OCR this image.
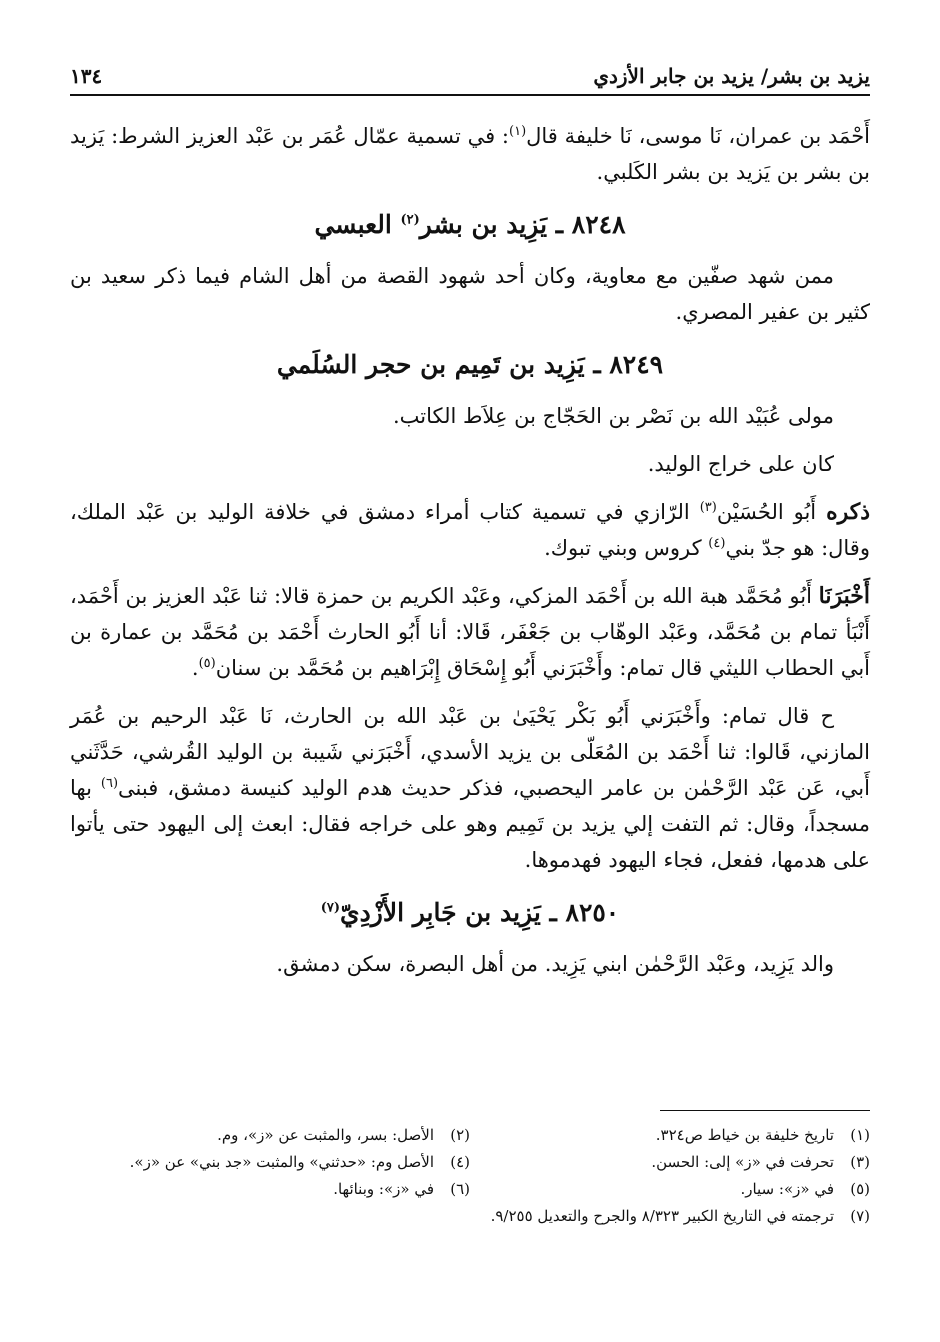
يزيد بن بشر/ يزيد بن جابر الأزدي
١٣٤

أَحْمَد بن عمران، نَا موسى، نَا خليفة قال$^{(١)}$: في تسمية عمّال عُمَر بن عَبْد العزيز الشرط: يَزيد بن بشر بن يَزيد بن بشر الكَلبي.

٨٢٤٨ ـ يَزِيد بن بشر$^{(٢)}$ العبسي

ممن شهد صفّين مع معاوية، وكان أحد شهود القصة من أهل الشام فيما ذكر سعيد بن كثير بن عفير المصري.

٨٢٤٩ ـ يَزِيد بن تَمِيم بن حجر السُلَمي

مولى عُبَيْد الله بن نَصْر بن الحَجّاج بن عِلاَط الكاتب.

كان على خراج الوليد.

ذكره أَبُو الحُسَيْن$^{(٣)}$ الرّازي في تسمية كتاب أمراء دمشق في خلافة الوليد بن عَبْد الملك، وقال: هو جدّ بني$^{(٤)}$ كروس وبني تبوك.

أَخْبَرَنَا أَبُو مُحَمَّد هبة الله بن أَحْمَد المزكي، وعَبْد الكريم بن حمزة قالا: ثنا عَبْد العزيز بن أَحْمَد، أَنْبَأ تمام بن مُحَمَّد، وعَبْد الوهّاب بن جَعْفَر، قَالا: أنا أَبُو الحارث أَحْمَد بن مُحَمَّد بن عمارة بن أَبي الحطاب الليثي قال تمام: وأَخْبَرَني أَبُو إِسْحَاق إِبْرَاهيم بن مُحَمَّد بن سنان$^{(٥)}$.

ح قال تمام: وأَخْبَرَني أَبُو بَكْر يَحْيَىٰ بن عَبْد الله بن الحارث، نَا عَبْد الرحيم بن عُمَر المازني، قَالوا: ثنا أَحْمَد بن المُعَلّى بن يزيد الأسدي، أَخْبَرَني شَيبة بن الوليد القُرشي، حَدَّثَني أَبي، عَن عَبْد الرَّحْمٰن بن عامر اليحصبي، فذكر حديث هدم الوليد كنيسة دمشق، فبنى$^{(٦)}$ بها مسجداً، وقال: ثم التفت إلي يزيد بن تَمِيم وهو على خراجه فقال: ابعث إلى اليهود حتى يأتوا على هدمها، ففعل، فجاء اليهود فهدموها.

٨٢٥٠ ـ يَزِيد بن جَابِر الأَزْدِيّ$^{(٧)}$

والد يَزِيد، وعَبْد الرَّحْمٰن ابني يَزِيد. من أهل البصرة، سكن دمشق.

(١)تاريخ خليفة بن خياط ص٣٢٤.
(٢)الأصل: بسر، والمثبت عن «ز»، وم.
(٣)تحرفت في «ز» إلى: الحسن.
(٤)الأصل وم: «حدثني» والمثبت «جد بني» عن «ز».
(٥)في «ز»: سيار.
(٦)في «ز»: وبنائها.
(٧)ترجمته في التاريخ الكبير ٨/٣٢٣ والجرح والتعديل ٩/٢٥٥.
